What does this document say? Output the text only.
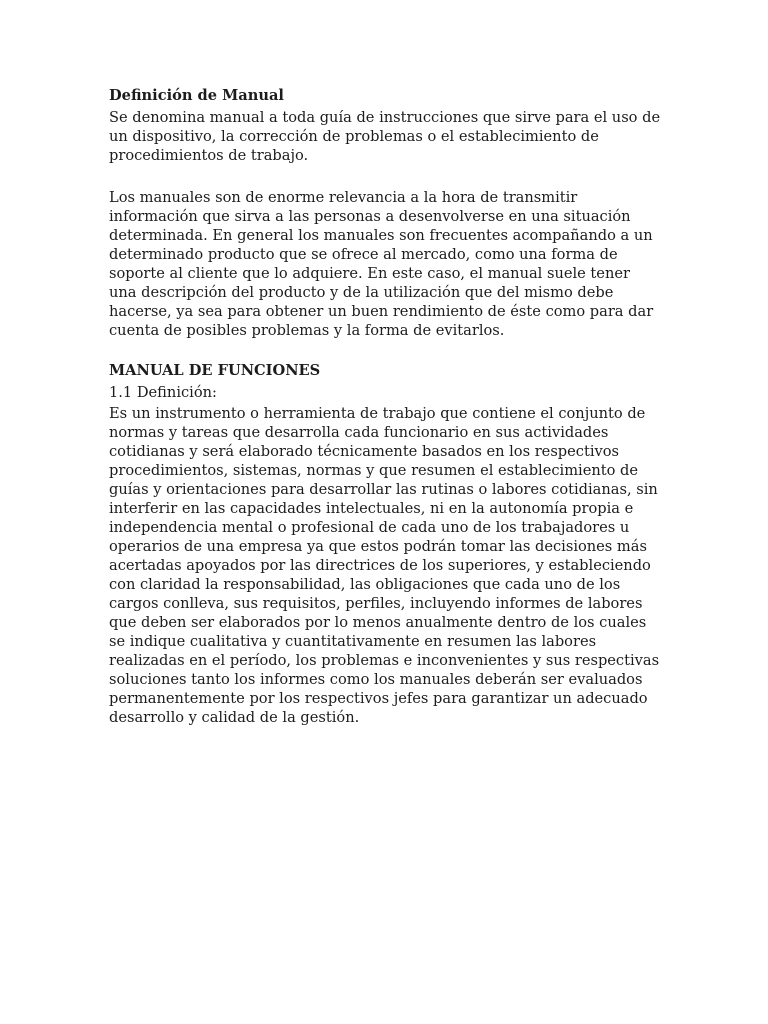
Definición de Manual

Se denomina manual a toda guía de instrucciones que sirve para el uso de un dispositivo, la corrección de problemas o el establecimiento de procedimientos de trabajo.

Los manuales son de enorme relevancia a la hora de transmitir información que sirva a las personas a desenvolverse en una situación determinada. En general los manuales son frecuentes acompañando a un determinado producto que se ofrece al mercado, como una forma de soporte al cliente que lo adquiere. En este caso, el manual suele tener una descripción del producto y de la utilización que del mismo debe hacerse, ya sea para obtener un buen rendimiento de éste como para dar cuenta de posibles problemas y la forma de evitarlos.

MANUAL DE FUNCIONES
1.1 Definición:

Es un instrumento o herramienta de trabajo que contiene el conjunto de normas y tareas que desarrolla cada funcionario en sus actividades cotidianas y será elaborado técnicamente basados en los respectivos procedimientos, sistemas, normas y que resumen el establecimiento de guías y orientaciones para desarrollar las rutinas o labores cotidianas, sin interferir en las capacidades intelectuales, ni en la autonomía propia e independencia mental o profesional de cada uno de los trabajadores u operarios de una empresa ya que estos podrán tomar las decisiones más acertadas apoyados por las directrices de los superiores, y estableciendo con claridad la responsabilidad, las obligaciones que cada uno de los cargos conlleva, sus requisitos, perfiles, incluyendo informes de labores que deben ser elaborados por lo menos anualmente dentro de los cuales se indique cualitativa y cuantitativamente en resumen las labores realizadas en el período, los problemas e inconvenientes y sus respectivas soluciones tanto los informes como los manuales deberán ser evaluados permanentemente por los respectivos jefes para garantizar un adecuado desarrollo y calidad de la gestión.
